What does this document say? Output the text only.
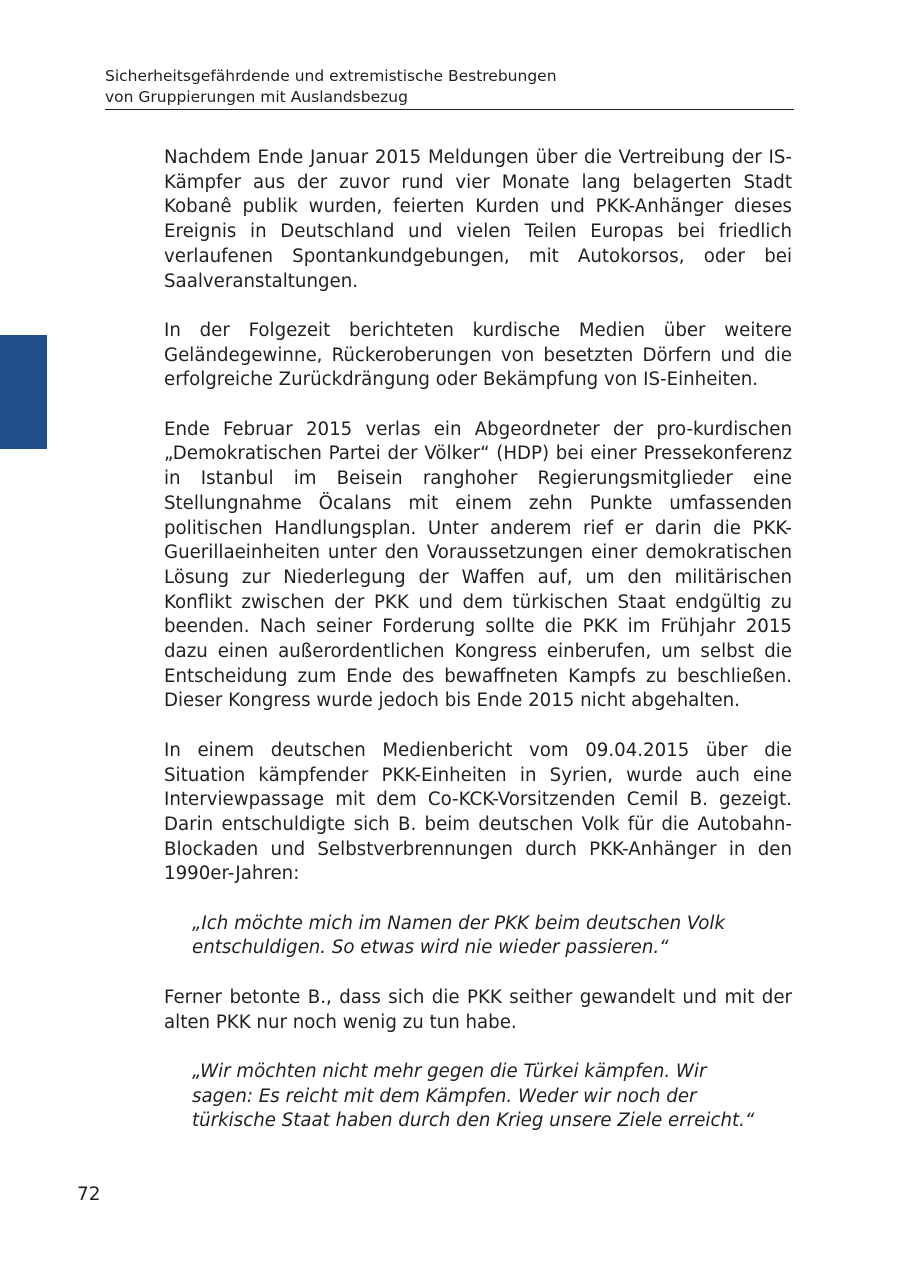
Sicherheitsgefährdende und extremistische Bestrebungen
von Gruppierungen mit Auslandsbezug

Nachdem Ende Januar 2015 Meldungen über die Vertreibung der IS-Kämpfer aus der zuvor rund vier Monate lang belagerten Stadt Kobanê publik wurden, feierten Kurden und PKK-Anhänger dieses Ereignis in Deutschland und vielen Teilen Europas bei friedlich verlaufenen Spontankundgebungen, mit Autokorsos, oder bei Saalveranstaltungen.

In der Folgezeit berichteten kurdische Medien über weitere Geländegewinne, Rückeroberungen von besetzten Dörfern und die erfolgreiche Zurückdrängung oder Bekämpfung von IS-Einheiten.

Ende Februar 2015 verlas ein Abgeordneter der pro-kurdischen „Demokratischen Partei der Völker“ (HDP) bei einer Pressekonferenz in Istanbul im Beisein ranghoher Regierungsmitglieder eine Stellungnahme Öcalans mit einem zehn Punkte umfassenden politischen Handlungsplan. Unter anderem rief er darin die PKK-Guerillaeinheiten unter den Voraussetzungen einer demokratischen Lösung zur Niederlegung der Waffen auf, um den militärischen Konflikt zwischen der PKK und dem türkischen Staat endgültig zu beenden. Nach seiner Forderung sollte die PKK im Frühjahr 2015 dazu einen außerordentlichen Kongress einberufen, um selbst die Entscheidung zum Ende des bewaffneten Kampfs zu beschließen. Dieser Kongress wurde jedoch bis Ende 2015 nicht abgehalten.

In einem deutschen Medienbericht vom 09.04.2015 über die Situation kämpfender PKK-Einheiten in Syrien, wurde auch eine Interviewpassage mit dem Co-KCK-Vorsitzenden Cemil B. gezeigt. Darin entschuldigte sich B. beim deutschen Volk für die Autobahn-Blockaden und Selbstverbrennungen durch PKK-Anhänger in den 1990er-Jahren:

„Ich möchte mich im Namen der PKK beim deutschen Volk entschuldigen. So etwas wird nie wieder passieren.“

Ferner betonte B., dass sich die PKK seither gewandelt und mit der alten PKK nur noch wenig zu tun habe.

„Wir möchten nicht mehr gegen die Türkei kämpfen. Wir sagen: Es reicht mit dem Kämpfen. Weder wir noch der türkische Staat haben durch den Krieg unsere Ziele erreicht.“

72
